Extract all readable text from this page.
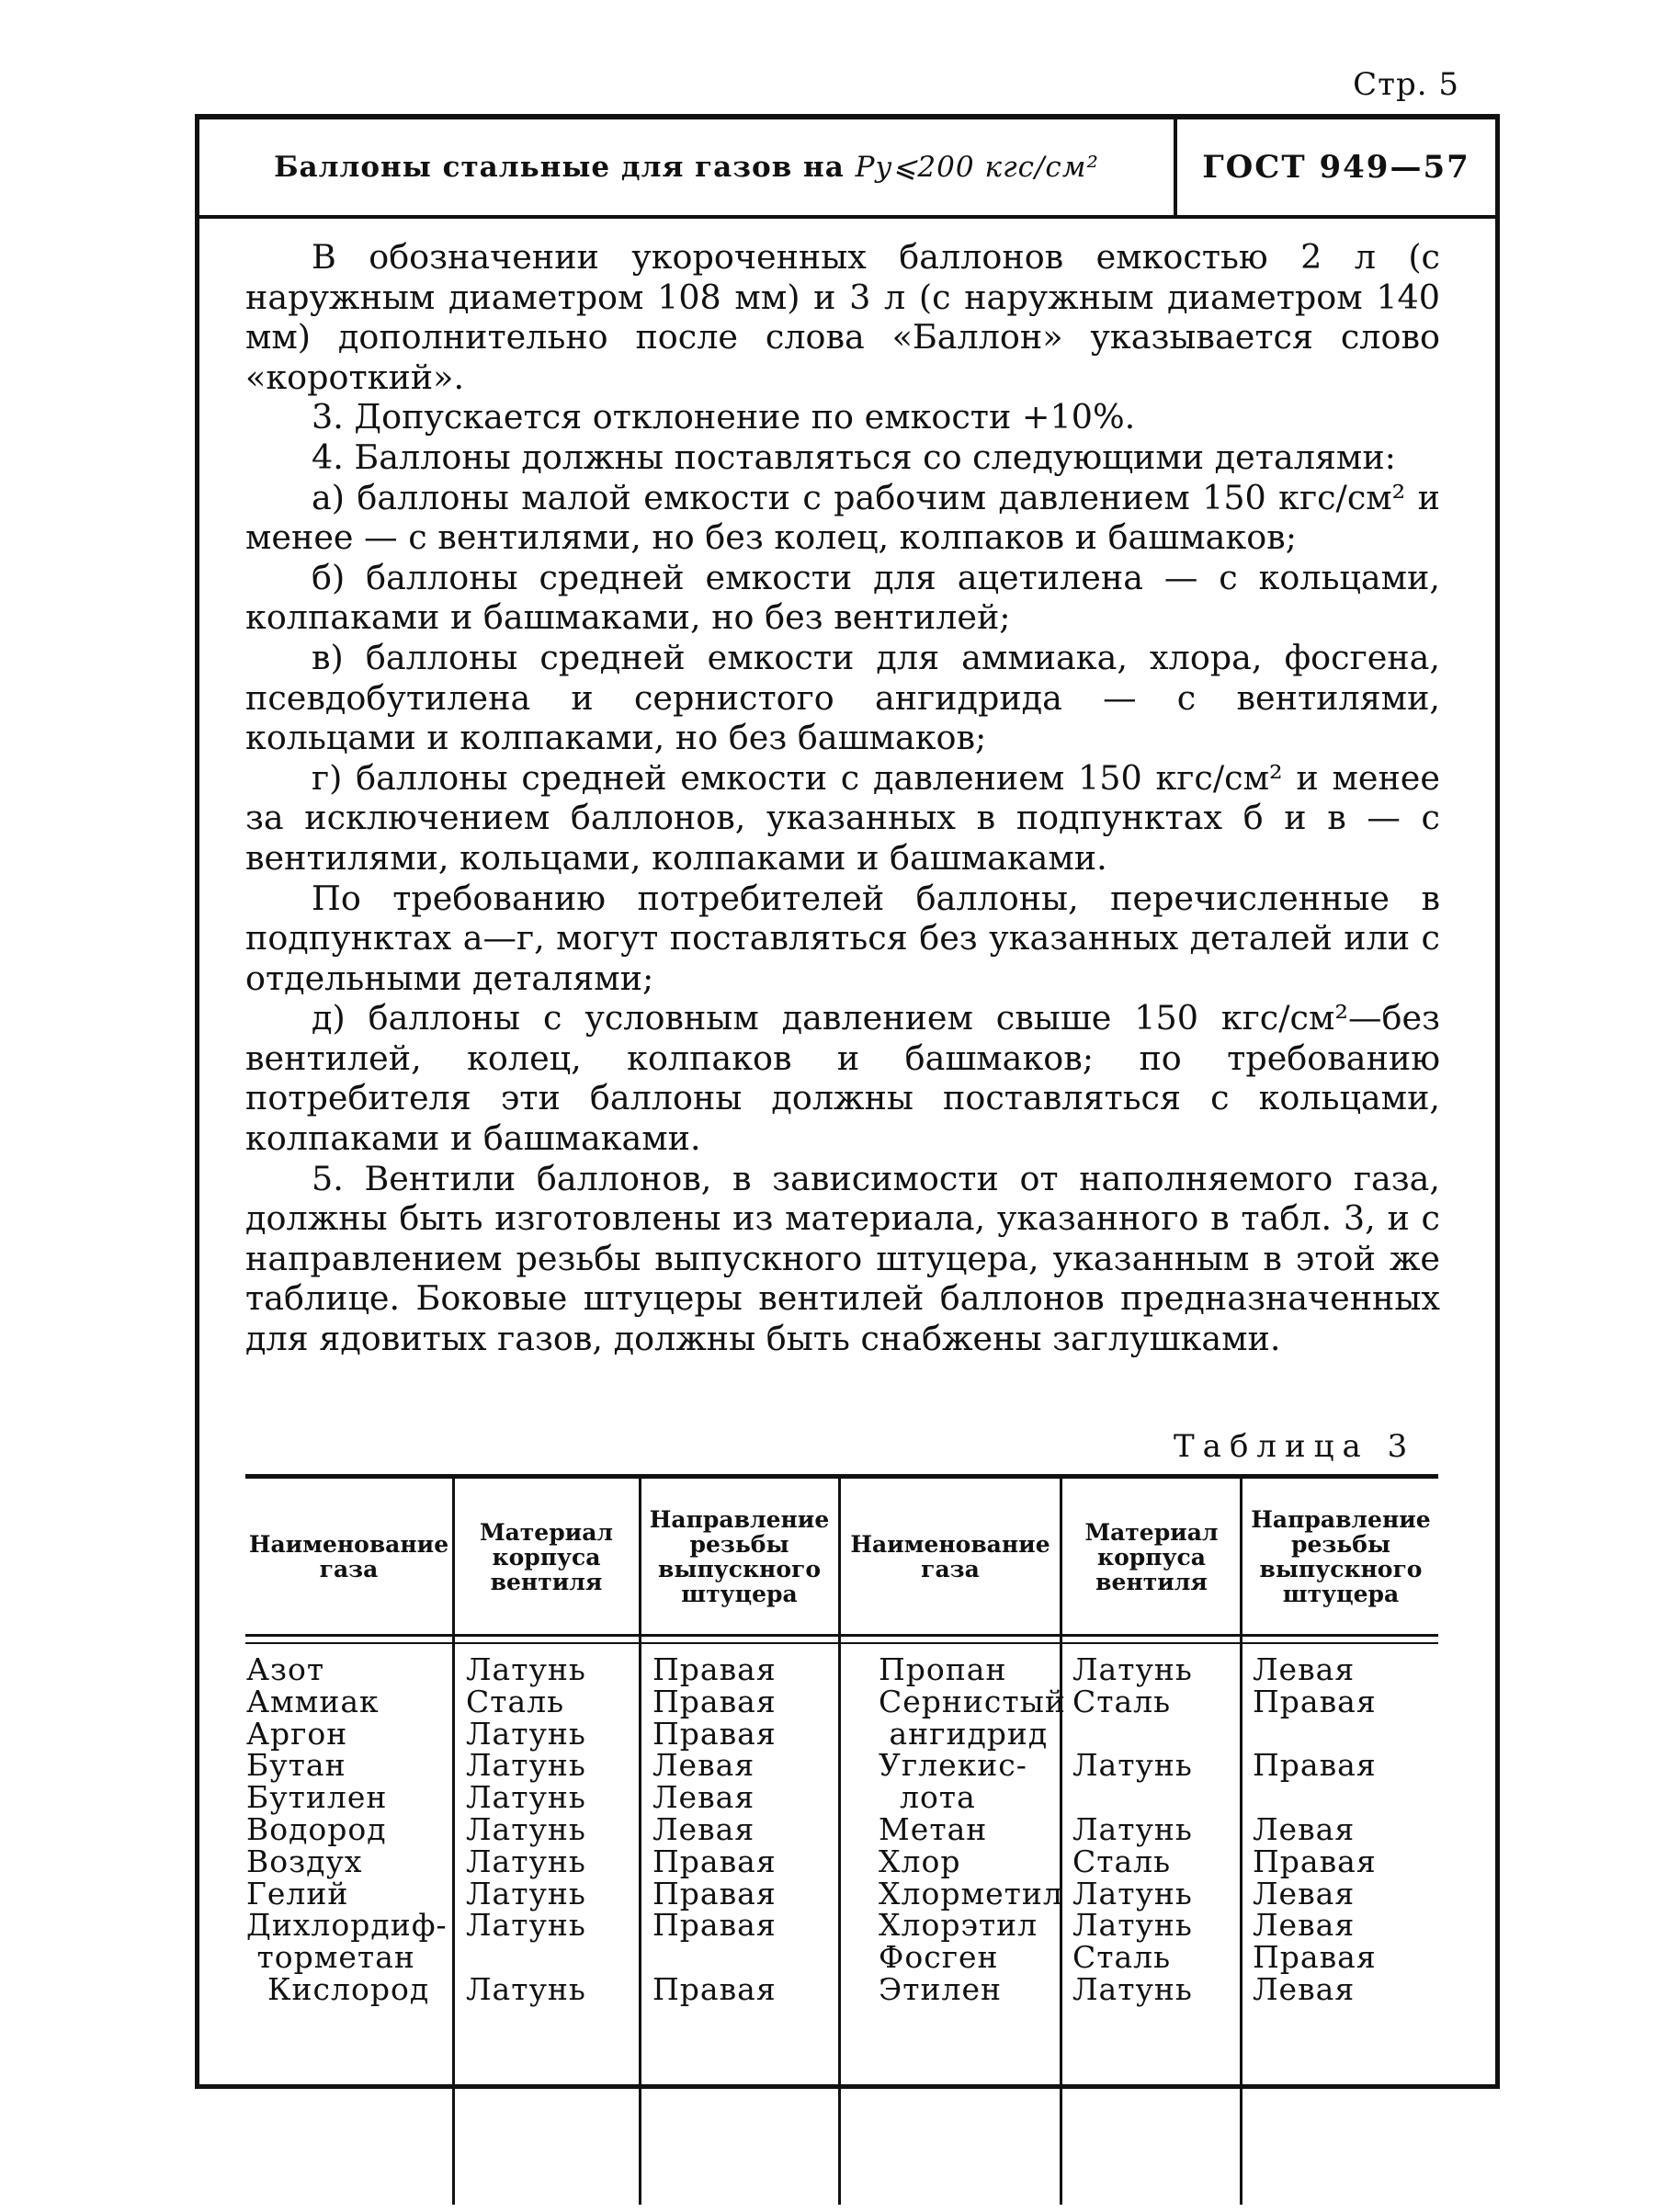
Стр. 5
Баллоны стальные для газов на
Pу⩽200 кгс/см²	ГОСТ 949—57

В обозначении укороченных баллонов емкостью 2 л (с наружным диаметром 108 мм) и 3 л (с наружным диаметром 140 мм) дополнительно после слова «Баллон» указывается слово «короткий».

3. Допускается отклонение по емкости +10%.

4. Баллоны должны поставляться со следующими деталями:

а) баллоны малой емкости с рабочим давлением 150 кгс/см² и менее — с вентилями, но без колец, колпаков и башмаков;

б) баллоны средней емкости для ацетилена — с кольцами, колпаками и башмаками, но без вентилей;

в) баллоны средней емкости для аммиака, хлора, фосгена, псевдобутилена и сернистого ангидрида — с вентилями, кольцами и колпаками, но без башмаков;

г) баллоны средней емкости с давлением 150 кгс/см² и менее за исключением баллонов, указанных в подпунктах б и в — с вентилями, кольцами, колпаками и башмаками.

По требованию потребителей баллоны, перечисленные в подпунктах а—г, могут поставляться без указанных деталей или с отдельными деталями;

д) баллоны с условным давлением свыше 150 кгс/см²—без вентилей, колец, колпаков и башмаков; по требованию потребителя эти баллоны должны поставляться с кольцами, колпаками и башмаками.

5. Вентили баллонов, в зависимости от наполняемого газа, должны быть изготовлены из материала, указанного в табл. 3, и с направлением резьбы выпускного штуцера, указанным в этой же таблице. Боковые штуцеры вентилей баллонов предназначенных для ядовитых газов, должны быть снабжены заглушками.

Таблица 3
Наименование газа
Материал корпуса вентиля
Направление резьбы выпускного штуцера
Наименование газа
Материал корпуса вентиля
Направление резьбы выпускного штуцера
Азот
Аммиак
Аргон
Бутан
Бутилен
Водород
Воздух
Гелий
Дихлордиф-
торметан
Кислород
Латунь
Сталь
Латунь
Латунь
Латунь
Латунь
Латунь
Латунь
Латунь

Латунь
Правая
Правая
Правая
Левая
Левая
Левая
Правая
Правая
Правая

Правая
Пропан
Сернистый
ангидрид
Углекис-
лота
Метан
Хлор
Хлорметил
Хлорэтил
Фосген
Этилен
Латунь
Сталь

Латунь

Латунь
Сталь
Латунь
Латунь
Сталь
Латунь
Левая
Правая

Правая

Левая
Правая
Левая
Левая
Правая
Левая
